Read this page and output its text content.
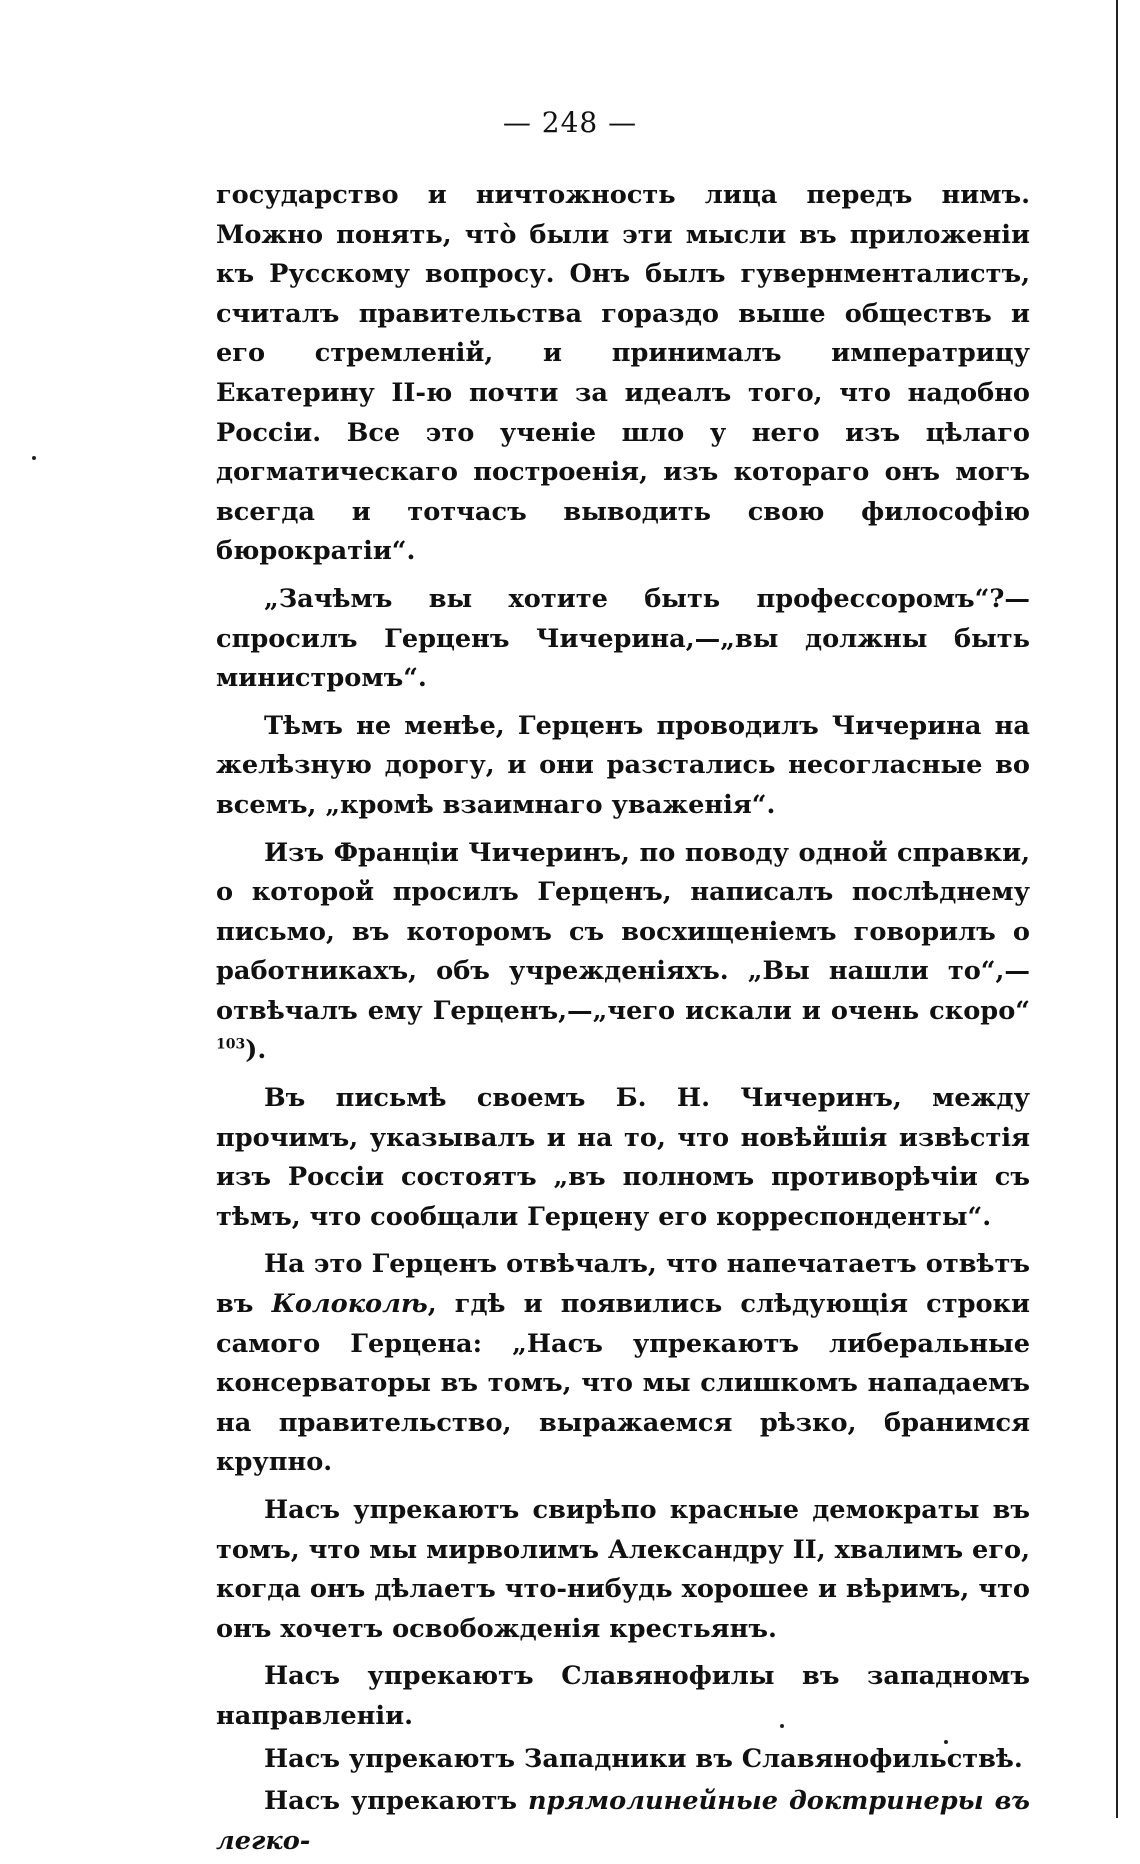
— 248 —

государство и ничтожность лица передъ нимъ. Можно понять, чтò были эти мысли въ приложеніи къ Русскому вопросу. Онъ былъ гувернменталистъ, считалъ правительства гораздо выше обществъ и его стремленій, и принималъ императрицу Екатерину II-ю почти за идеалъ того, что надобно Россіи. Все это ученіе шло у него изъ цѣлаго догматическаго построенія, изъ котораго онъ могъ всегда и тотчасъ выводить свою философію бюрократіи“.

„Зачѣмъ вы хотите быть профессоромъ“?—спросилъ Герценъ Чичерина,—„вы должны быть министромъ“.

Тѣмъ не менѣе, Герценъ проводилъ Чичерина на желѣзную дорогу, и они разстались несогласные во всемъ, „кромѣ взаимнаго уваженія“.

Изъ Франціи Чичеринъ, по поводу одной справки, о которой просилъ Герценъ, написалъ послѣднему письмо, въ которомъ съ восхищеніемъ говорилъ о работникахъ, объ учрежденіяхъ. „Вы нашли то“,—отвѣчалъ ему Герценъ,—„чего искали и очень скоро“ $^{103}$).

Въ письмѣ своемъ Б. Н. Чичеринъ, между прочимъ, указывалъ и на то, что новѣйшія извѣстія изъ Россіи состоятъ „въ полномъ противорѣчіи съ тѣмъ, что сообщали Герцену его корреспонденты“.

На это Герценъ отвѣчалъ, что напечатаетъ отвѣтъ въ Колоколѣ, гдѣ и появились слѣдующія строки самого Герцена: „Насъ упрекаютъ либеральные консерваторы въ томъ, что мы слишкомъ нападаемъ на правительство, выражаемся рѣзко, бранимся крупно.

Насъ упрекаютъ свирѣпо красные демократы въ томъ, что мы мирволимъ Александру II, хвалимъ его, когда онъ дѣлаетъ что-нибудь хорошее и вѣримъ, что онъ хочетъ освобожденія крестьянъ.

Насъ упрекаютъ Славянофилы въ западномъ направленіи.

Насъ упрекаютъ Западники въ Славянофильствѣ.

Насъ упрекаютъ прямолинейные доктринеры въ легко-
